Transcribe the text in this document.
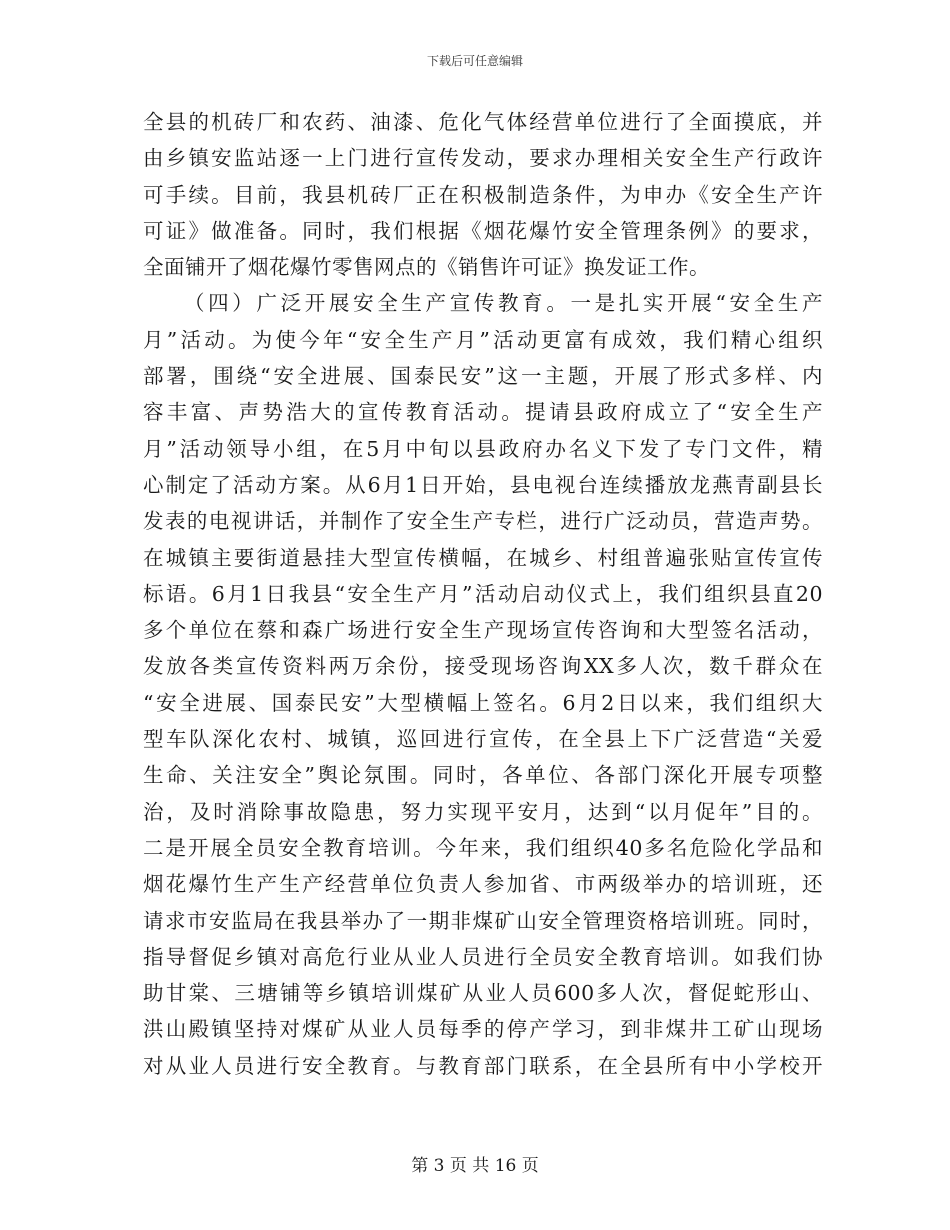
下载后可任意编辑
全县的机砖厂和农药、油漆、危化气体经营单位进行了全面摸底，并
由乡镇安监站逐一上门进行宣传发动，要求办理相关安全生产行政许
可手续。目前，我县机砖厂正在积极制造条件，为申办《安全生产许
可证》做准备。同时，我们根据《烟花爆竹安全管理条例》的要求，
全面铺开了烟花爆竹零售网点的《销售许可证》换发证工作。
（四）广泛开展安全生产宣传教育。一是扎实开展“安全生产
月”活动。为使今年“安全生产月”活动更富有成效，我们精心组织
部署，围绕“安全进展、国泰民安”这一主题，开展了形式多样、内
容丰富、声势浩大的宣传教育活动。提请县政府成立了“安全生产
月”活动领导小组，在5月中旬以县政府办名义下发了专门文件，精
心制定了活动方案。从6月1日开始，县电视台连续播放龙燕青副县长
发表的电视讲话，并制作了安全生产专栏，进行广泛动员，营造声势。
在城镇主要街道悬挂大型宣传横幅，在城乡、村组普遍张贴宣传宣传
标语。6月1日我县“安全生产月”活动启动仪式上，我们组织县直20
多个单位在蔡和森广场进行安全生产现场宣传咨询和大型签名活动，
发放各类宣传资料两万余份，接受现场咨询XX多人次，数千群众在
“安全进展、国泰民安”大型横幅上签名。6月2日以来，我们组织大
型车队深化农村、城镇，巡回进行宣传，在全县上下广泛营造“关爱
生命、关注安全”舆论氛围。同时，各单位、各部门深化开展专项整
治，及时消除事故隐患，努力实现平安月，达到“以月促年”目的。
二是开展全员安全教育培训。今年来，我们组织40多名危险化学品和
烟花爆竹生产生产经营单位负责人参加省、市两级举办的培训班，还
请求市安监局在我县举办了一期非煤矿山安全管理资格培训班。同时，
指导督促乡镇对高危行业从业人员进行全员安全教育培训。如我们协
助甘棠、三塘铺等乡镇培训煤矿从业人员600多人次，督促蛇形山、
洪山殿镇坚持对煤矿从业人员每季的停产学习，到非煤井工矿山现场
对从业人员进行安全教育。与教育部门联系，在全县所有中小学校开
第 3 页 共 16 页
